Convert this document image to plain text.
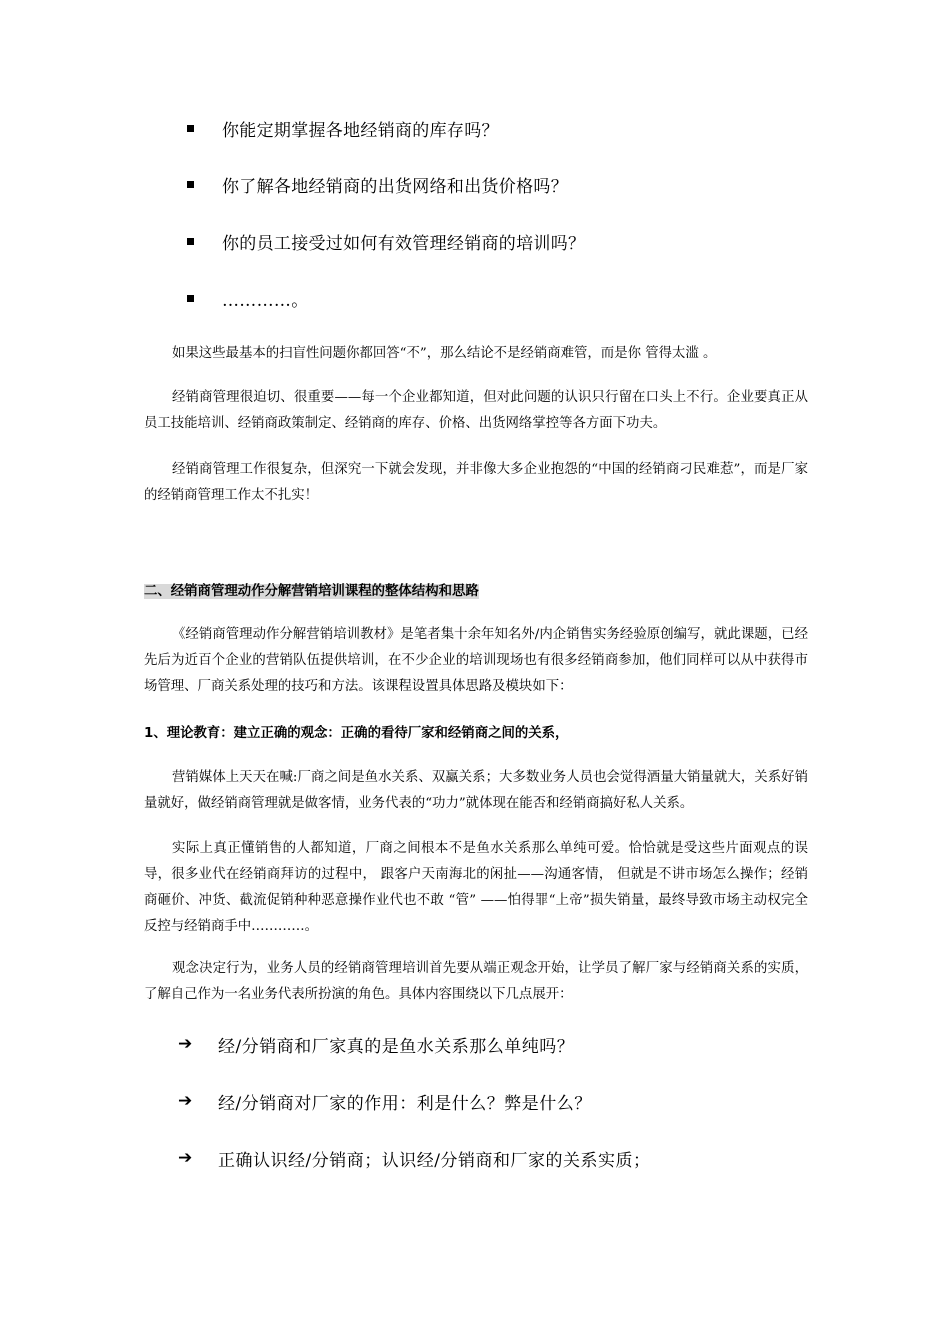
你能定期掌握各地经销商的库存吗？
你了解各地经销商的出货网络和出货价格吗？
你的员工接受过如何有效管理经销商的培训吗？
…………。

如果这些最基本的扫盲性问题你都回答“不”，那么结论不是经销商难管，而是你 管得太滥 。

经销商管理很迫切、很重要——每一个企业都知道，但对此问题的认识只行留在口头上不行。企业要真正从员工技能培训、经销商政策制定、经销商的库存、价格、出货网络掌控等各方面下功夫。

经销商管理工作很复杂，但深究一下就会发现，并非像大多企业抱怨的“中国的经销商刁民难惹”，而是厂家的经销商管理工作太不扎实！

二、经销商管理动作分解营销培训课程的整体结构和思路

《经销商管理动作分解营销培训教材》是笔者集十余年知名外/内企销售实务经验原创编写，就此课题，已经先后为近百个企业的营销队伍提供培训，在不少企业的培训现场也有很多经销商参加，他们同样可以从中获得市场管理、厂商关系处理的技巧和方法。该课程设置具体思路及模块如下：

1、理论教育：建立正确的观念：正确的看待厂家和经销商之间的关系，

营销媒体上天天在喊:厂商之间是鱼水关系、双赢关系；大多数业务人员也会觉得酒量大销量就大，关系好销量就好，做经销商管理就是做客情，业务代表的“功力”就体现在能否和经销商搞好私人关系。

实际上真正懂销售的人都知道，厂商之间根本不是鱼水关系那么单纯可爱。恰恰就是受这些片面观点的误导，很多业代在经销商拜访的过程中， 跟客户天南海北的闲扯——沟通客情， 但就是不讲市场怎么操作；经销商砸价、冲货、截流促销种种恶意操作业代也不敢 “管” ——怕得罪“上帝”损失销量，最终导致市场主动权完全反控与经销商手中…………。

观念决定行为，业务人员的经销商管理培训首先要从端正观念开始，让学员了解厂家与经销商关系的实质，了解自己作为一名业务代表所扮演的角色。具体内容围绕以下几点展开：

➔	经/分销商和厂家真的是鱼水关系那么单纯吗？
➔	经/分销商对厂家的作用：利是什么？弊是什么？
➔	正确认识经/分销商；认识经/分销商和厂家的关系实质；
